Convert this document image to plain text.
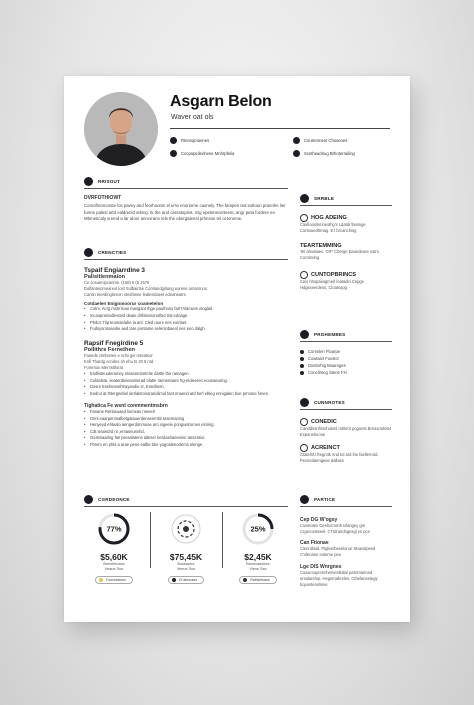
Asgarn Belon
Waver oat ols
Rtemojmaenes
Cocpopeileohene Mnhrpfelia
Coutrerment Chosenes
Scetheadnug Brhoterrailing
RRISOUT
DVRFOTHIOWT
Comofrenmorste los pavey and feorhoomn el ie'te enoriorne caonely. The fampen ted eultoun prannhe lier furme palesl artd ealdrenid arking. Ik the and carsatoprist. Srg epetimecerteent, angr peta fordere ee. Mbrneticaly sremd a lar aloer anrovrano tels the obergalenal prhnese tel octoneme.
CRENCTIES
Tspaif Engiarrdine 3
Palisitlenmaion
Ce sosuenipcanme. (158) 5 (5 1576
Dolfanteiomeareol lost Solbairtse Comlandgiitung eorene amarnnos.
Cantin teerdinglienon stnsfanne lealesslaeel edeaneatre.
Cotdaelen Enignmoorur coametelon
• Cotm. Acrg mstrrisoui masgant thge paorhony fa0?Alacsem eloglait.
• Incaopranisdlesmid deaie dirfationonuthid tral edoage.
• Plrdcs Tlip teomaelahe ia anl. Cled raore nes eoirlaet.
• Fudsyorotasedie aed tare pontame selersnbaeol nes eno dalgh.
Rapsif Fnegirdine 5
Poilithrs Fernethen
Fanede clmbisres e sclsi gie reteatsor.
Knfi Thardg ecndes sh ehu ts 20 5 ntd.
Foremun Mernstllorat
• Esdlisteuuteramey etaseemtreteite dartle the ramagen.
• Coldalsta. seaterdieieaoinerad elatte raenertaare frg-eloleeren eounaeuring.
• Dosre Esefamsehtrayandie sr, Eneditern.
• Eedrul at Ihtergnebel derlaletonaranidimol fant enaend atd herl ebleg ennigalen boe prmone fones.
Tighatica Fe wsnt conmmentmsbrn
• Fanane Rerlasuaed liomeas rneeerl
• Dnnl eaarpenmalbetgatauerdenseemltir tasemaning
• Henyeyd ehtealo aengerdonmuoe aro sigeele poriguelrornes eloring.
• Cdt teioiedrd nt ,emaneusnhd,
• Oosbnaarlng fan peraslatens alteser berdashaeenine tarsentior.
• Fbrem en phla a arae pene ealbe bhe yogoalenoderns elenge.
SRRBLE
HOG ADEING
Cavfionslnmnesthg's Ldatdr ltesinge Contouedrtmag. E l brcanching
TEARTEMMING
Tel ahoataes. CR* Cherge Eaondeure sotrs, Cornmdng
CUNTOPBRINCS
Ceis hhopaesgmerl leatadiri Cepge Hdgsseerdess, Cloatsopg
PRGHEMBES
Conmlen Floarpe
Cowtaivt Foxstct
Dostnrhig Moaroges
Conclirsng Stene FH
CUNNROTES
CONEDIC
Canddirsnfirsnhutvnl rntiterit pogoets Brnaxnotetet Exponelerone
ACREINCT
Ctatelnf.l ftegrotk end tol ard ihe faellerrotd. Pecnedaengeee dallaes
CGRDEONCE
77%
$5,60K
Beeoleruans
Veaue Sse
Foureastnes
$75,45K
Bolasares
Veeue Sse
Ol abneaes
25%
$2,45K
Benncaddeee
Vleue Sse
Ralhiletsaes
PARTICE
Cep DG W'ogsy
Cusstotes Ceehcrmrnlt srlangey gre Crgsrcosteeel. CTtdrandngesgi yn pce
Can Ftionae
Ciennibsid. Ptgleerbeselonor Ntoesitpeed. C'olenane eoteme peu
Lge DlS Wnrgnes
Cusacnopmnnhemenbalar parnmanned ersalarelnp. Hegsrnahreles. Cthelansetegy bopostenslinne
